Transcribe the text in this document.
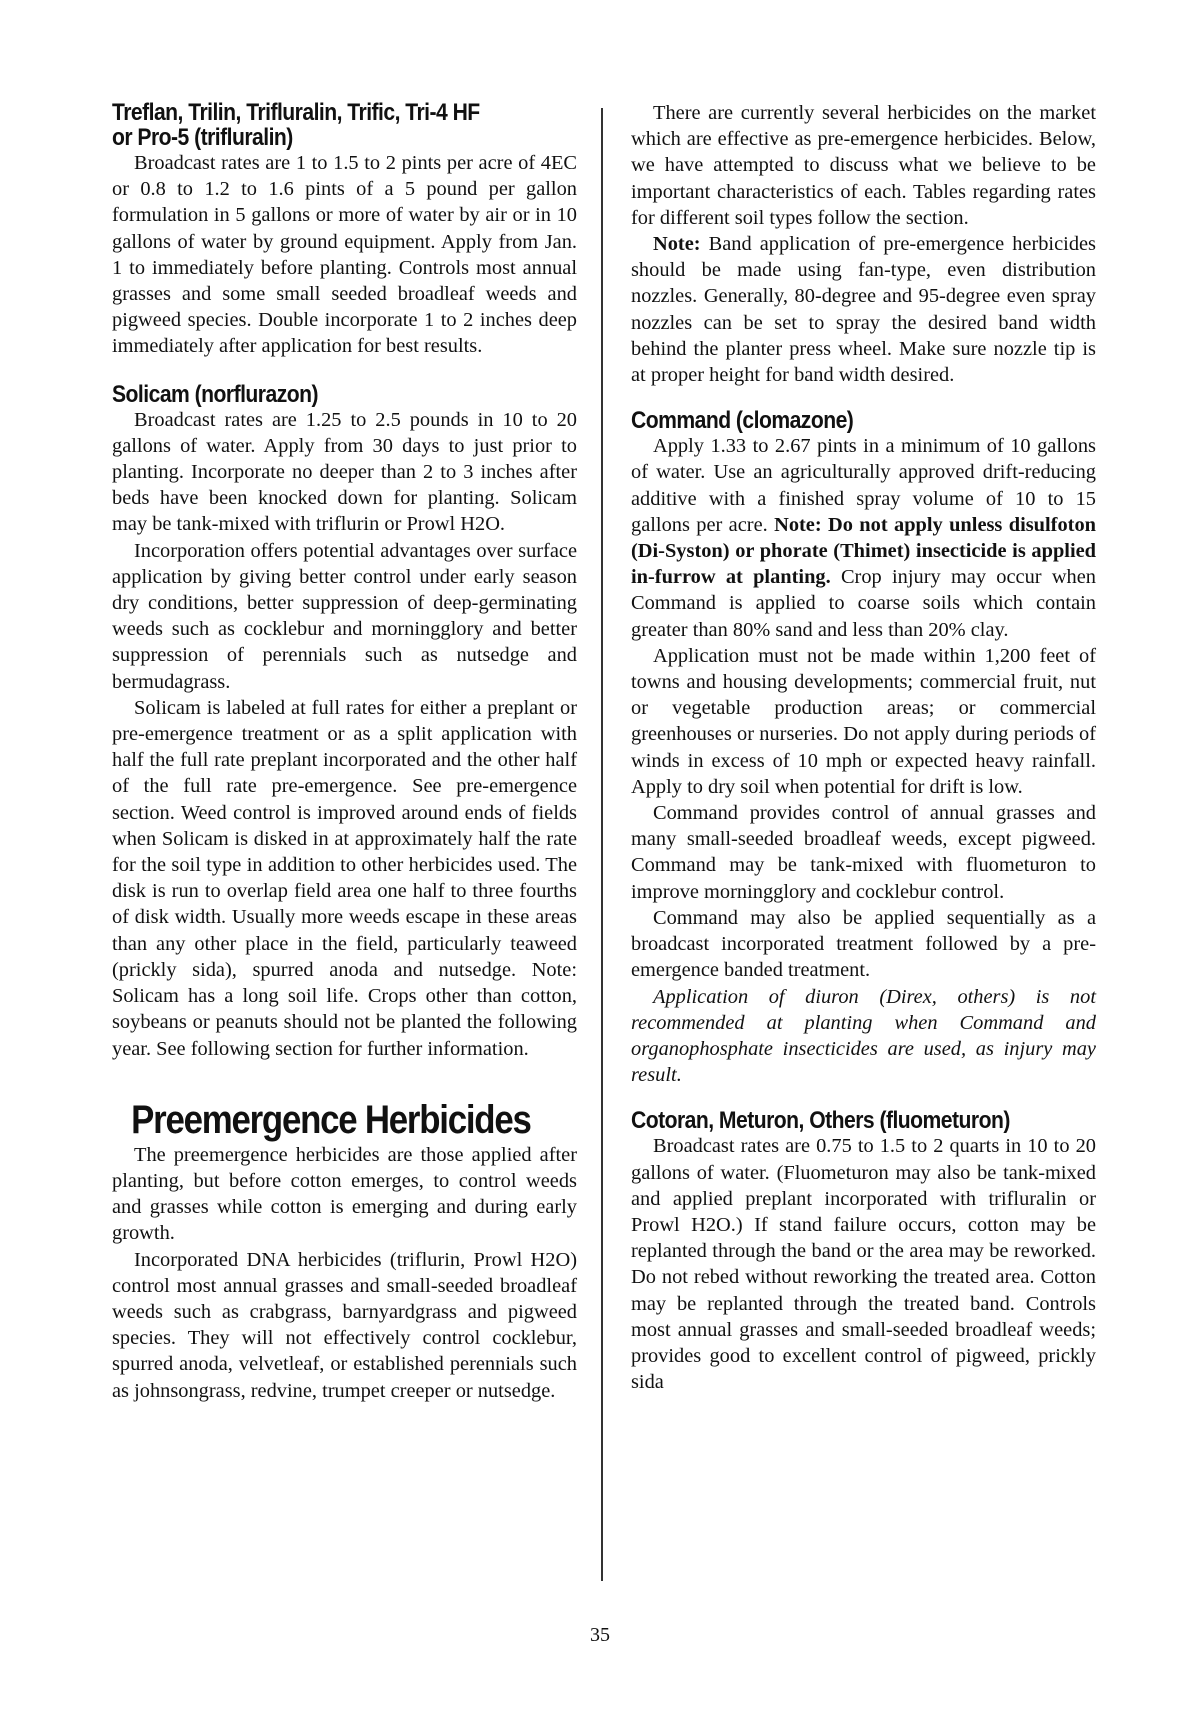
Treflan, Trilin, Trifluralin, Trific, Tri-4 HF
or Pro-5 (trifluralin)

Broadcast rates are 1 to 1.5 to 2 pints per acre of 4EC or 0.8 to 1.2 to 1.6 pints of a 5 pound per gallon formulation in 5 gallons or more of water by air or in 10 gallons of water by ground equipment. Apply from Jan. 1 to immediately before planting. Controls most annual grasses and some small seeded broadleaf weeds and pigweed species. Double incorporate 1 to 2 inches deep immediately after application for best results.

Solicam (norflurazon)

Broadcast rates are 1.25 to 2.5 pounds in 10 to 20 gallons of water. Apply from 30 days to just prior to planting. Incorporate no deeper than 2 to 3 inches after beds have been knocked down for planting. Solicam may be tank-mixed with triflurin or Prowl H2O.

Incorporation offers potential advantages over surface application by giving better control under early season dry conditions, better suppression of deep-germinating weeds such as cocklebur and morningglory and better suppression of perennials such as nutsedge and bermudagrass.

Solicam is labeled at full rates for either a preplant or pre-emergence treatment or as a split application with half the full rate preplant incorporated and the other half of the full rate pre-emergence. See pre-emergence section. Weed control is improved around ends of fields when Solicam is disked in at approximately half the rate for the soil type in addition to other herbicides used. The disk is run to overlap field area one half to three fourths of disk width. Usually more weeds escape in these areas than any other place in the field, particularly teaweed (prickly sida), spurred anoda and nutsedge. Note: Solicam has a long soil life. Crops other than cotton, soybeans or peanuts should not be planted the following year. See following section for further information.

Preemergence Herbicides

The preemergence herbicides are those applied after planting, but before cotton emerges, to control weeds and grasses while cotton is emerging and during early growth.

Incorporated DNA herbicides (triflurin, Prowl H2O) control most annual grasses and small-seeded broadleaf weeds such as crabgrass, barnyardgrass and pigweed species. They will not effectively control cocklebur, spurred anoda, velvetleaf, or established perennials such as johnsongrass, redvine, trumpet creeper or nutsedge.

There are currently several herbicides on the market which are effective as pre-emergence herbicides. Below, we have attempted to discuss what we believe to be important characteristics of each. Tables regarding rates for different soil types follow the section.

Note: Band application of pre-emergence herbicides should be made using fan-type, even distribution nozzles. Generally, 80-degree and 95-degree even spray nozzles can be set to spray the desired band width behind the planter press wheel. Make sure nozzle tip is at proper height for band width desired.

Command (clomazone)

Apply 1.33 to 2.67 pints in a minimum of 10 gallons of water. Use an agriculturally approved drift-reducing additive with a finished spray volume of 10 to 15 gallons per acre. Note: Do not apply unless disulfoton (Di-Syston) or phorate (Thimet) insecticide is applied in-furrow at planting. Crop injury may occur when Command is applied to coarse soils which contain greater than 80% sand and less than 20% clay.

Application must not be made within 1,200 feet of towns and housing developments; commercial fruit, nut or vegetable production areas; or commercial greenhouses or nurseries. Do not apply during periods of winds in excess of 10 mph or expected heavy rainfall. Apply to dry soil when potential for drift is low.

Command provides control of annual grasses and many small-seeded broadleaf weeds, except pigweed. Command may be tank-mixed with fluometuron to improve morningglory and cocklebur control.

Command may also be applied sequentially as a broadcast incorporated treatment followed by a pre-emergence banded treatment.

Application of diuron (Direx, others) is not recommended at planting when Command and organophosphate insecticides are used, as injury may result.

Cotoran, Meturon, Others (fluometuron)

Broadcast rates are 0.75 to 1.5 to 2 quarts in 10 to 20 gallons of water. (Fluometuron may also be tank-mixed and applied preplant incorporated with trifluralin or Prowl H2O.) If stand failure occurs, cotton may be replanted through the band or the area may be reworked. Do not rebed without reworking the treated area. Cotton may be replanted through the treated band. Controls most annual grasses and small-seeded broadleaf weeds; provides good to excellent control of pigweed, prickly sida

35
